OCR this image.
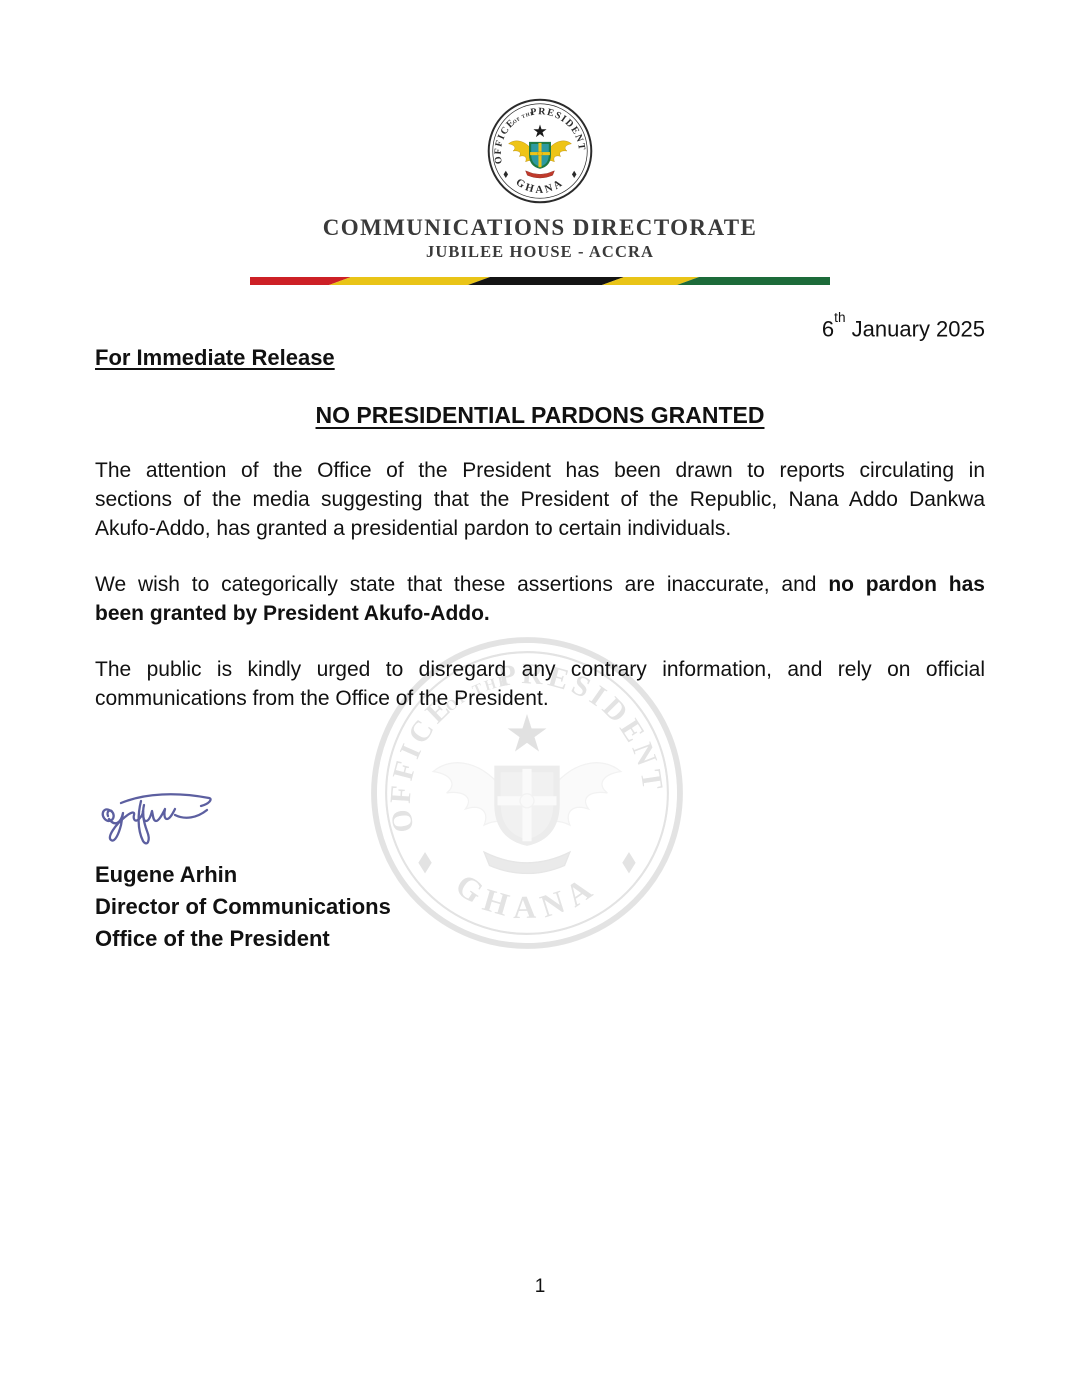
COMMUNICATIONS DIRECTORATE
JUBILEE HOUSE - ACCRA
6th January 2025
For Immediate Release
NO PRESIDENTIAL PARDONS GRANTED
The attention of the Office of the President has been drawn to reports circulating in
sections of the media suggesting that the President of the Republic, Nana Addo Dankwa
Akufo-Addo, has granted a presidential pardon to certain individuals.
We wish to categorically state that these assertions are inaccurate, and no pardon has
been granted by President Akufo-Addo.
The public is kindly urged to disregard any contrary information, and rely on official
communications from the Office of the President.
Eugene Arhin
Director of Communications
Office of the President
1
